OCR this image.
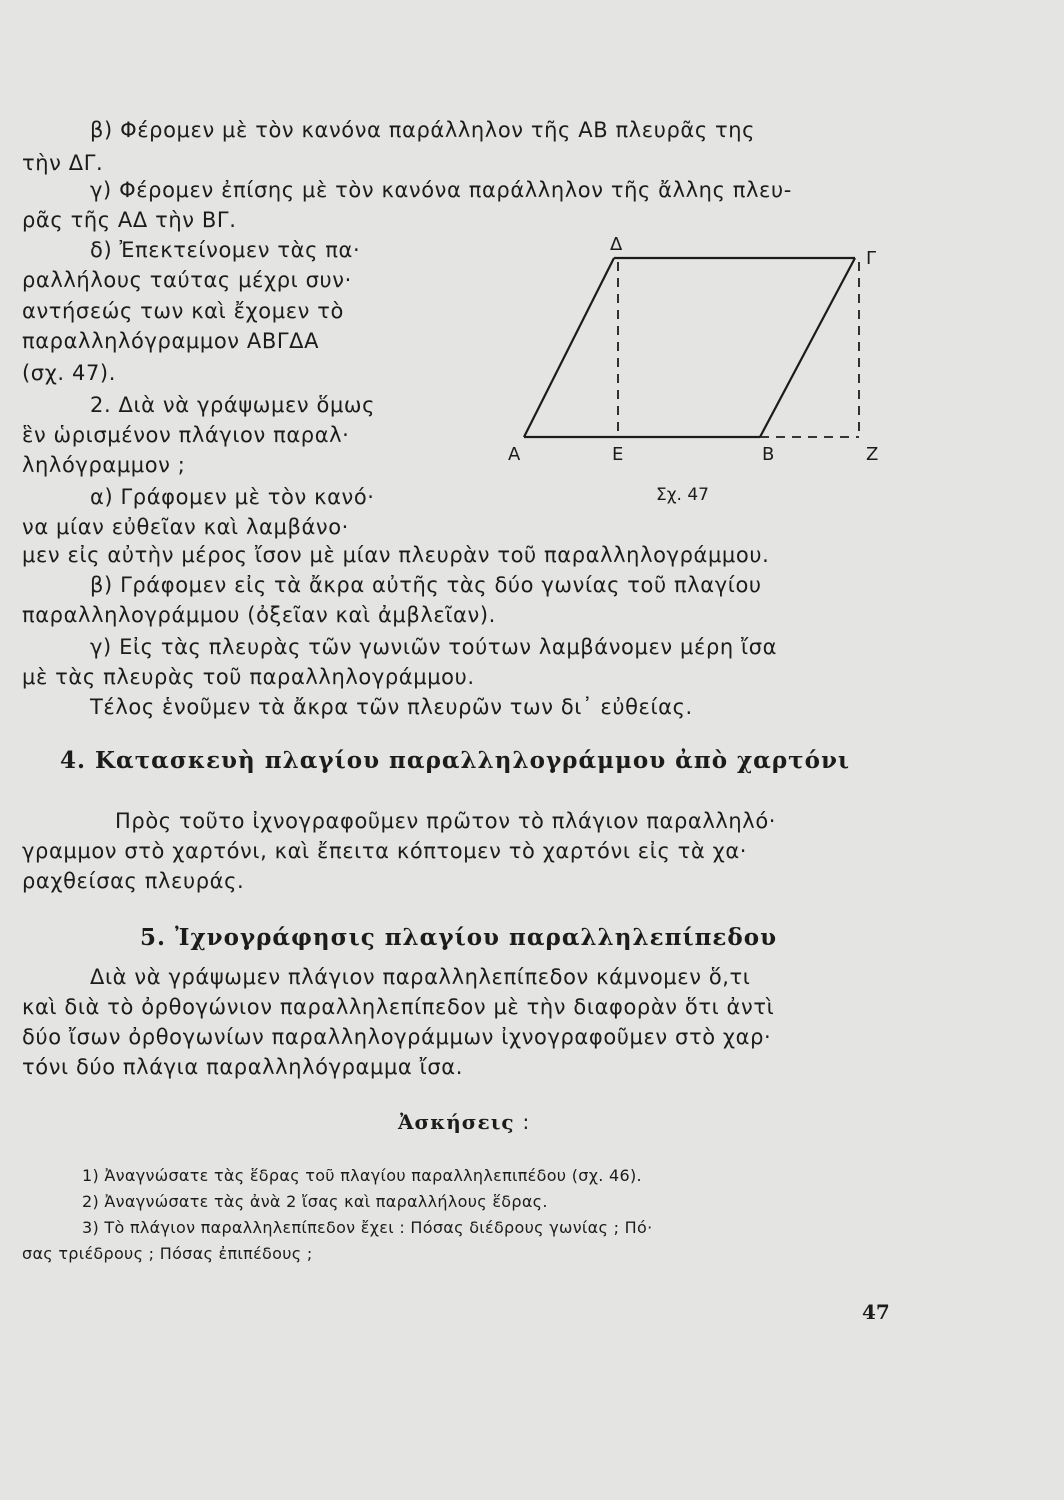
β) Φέρομεν μὲ τὸν κανόνα παράλληλον τῆς ΑΒ πλευρᾶς της
τὴν ΔΓ.
γ) Φέρομεν ἐπίσης μὲ τὸν κανόνα παράλληλον τῆς ἄλλης πλευ-
ρᾶς τῆς ΑΔ τὴν ΒΓ.
δ) Ἐπεκτείνομεν τὰς πα·
ραλλήλους ταύτας μέχρι συν·
αντήσεώς των καὶ ἔχομεν τὸ
παραλληλόγραμμον ΑΒΓΔΑ
(σχ. 47).
2. Διὰ νὰ γράψωμεν ὅμως
ἓν ὡρισμένον πλάγιον παραλ·
ληλόγραμμον ;
α) Γράφομεν μὲ τὸν κανό·
να μίαν εὐθεῖαν καὶ λαμβάνο·
μεν εἰς αὐτὴν μέρος ἴσον μὲ μίαν πλευρὰν τοῦ παραλληλογράμμου.
β) Γράφομεν εἰς τὰ ἄκρα αὐτῆς τὰς δύο γωνίας τοῦ πλαγίου
παραλληλογράμμου (ὀξεῖαν καὶ ἀμβλεῖαν).
γ) Εἰς τὰς πλευρὰς τῶν γωνιῶν τούτων λαμβάνομεν μέρη ἴσα
μὲ τὰς πλευρὰς τοῦ παραλληλογράμμου.
Τέλος ἑνοῦμεν τὰ ἄκρα τῶν πλευρῶν των δι᾽ εὐθείας.
4. Κατασκευὴ πλαγίου παραλληλογράμμου ἀπὸ χαρτόνι
Πρὸς τοῦτο ἰχνογραφοῦμεν πρῶτον τὸ πλάγιον παραλληλό·
γραμμον στὸ χαρτόνι, καὶ ἔπειτα κόπτομεν τὸ χαρτόνι εἰς τὰ χα·
ραχθείσας πλευράς.
5. Ἰχνογράφησις πλαγίου παραλληλεπίπεδου
Διὰ νὰ γράψωμεν πλάγιον παραλληλεπίπεδον κάμνομεν ὅ,τι
καὶ διὰ τὸ ὀρθογώνιον παραλληλεπίπεδον μὲ τὴν διαφορὰν ὅτι ἀντὶ
δύο ἴσων ὀρθογωνίων παραλληλογράμμων ἰχνογραφοῦμεν στὸ χαρ·
τόνι δύο πλάγια παραλληλόγραμμα ἴσα.
Ἀσκήσεις :
1) Ἀναγνώσατε τὰς ἕδρας τοῦ πλαγίου παραλληλεπιπέδου (σχ. 46).
2) Ἀναγνώσατε τὰς ἀνὰ 2 ἴσας καὶ παραλλήλους ἕδρας.
3) Τὸ πλάγιον παραλληλεπίπεδον ἔχει : Πόσας διέδρους γωνίας ; Πό·
σας τριέδρους ; Πόσας ἐπιπέδους ;
47
Δ
Γ
Α	Ε	Β	Ζ
Σχ. 47
